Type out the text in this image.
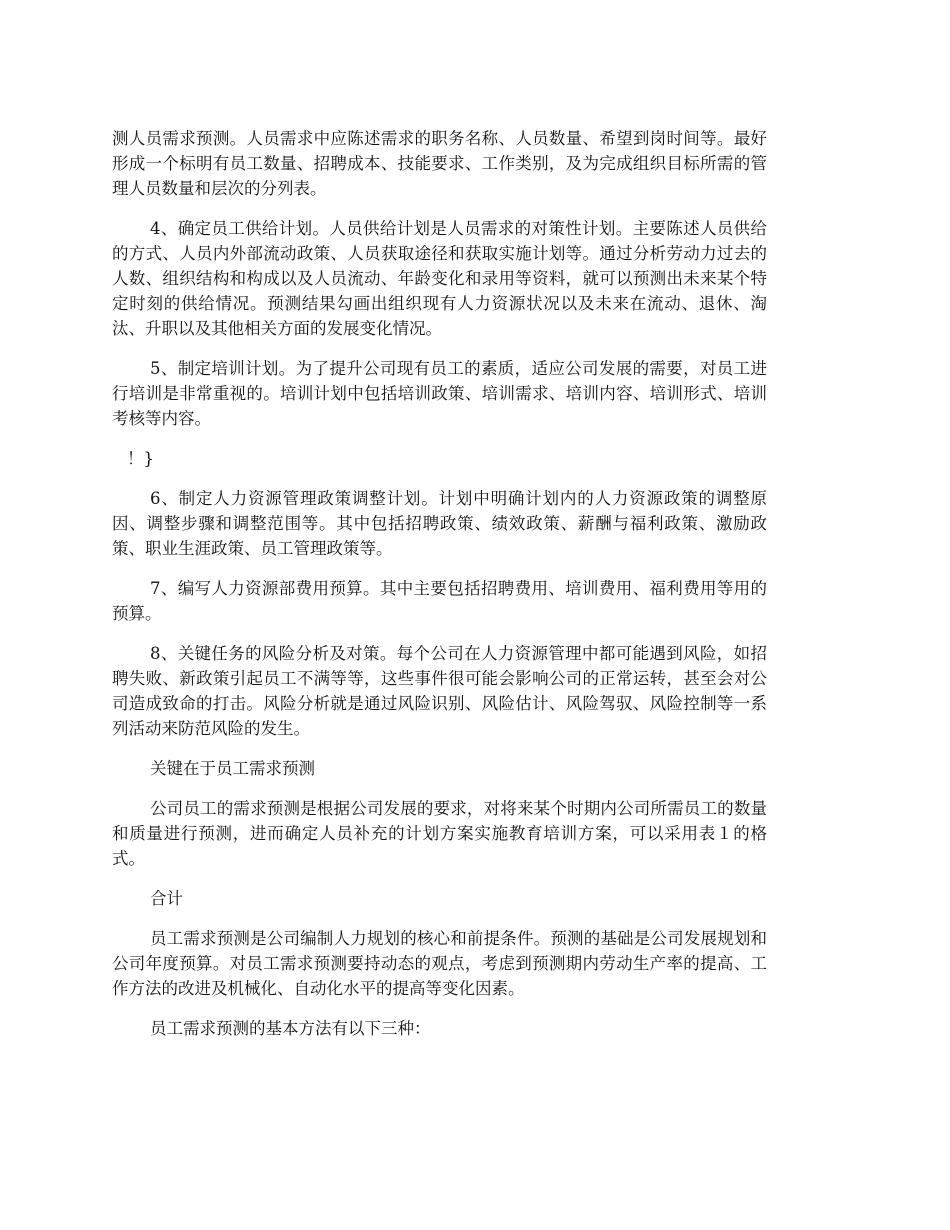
测人员需求预测。人员需求中应陈述需求的职务名称、人员数量、希望到岗时间等。最好形成一个标明有员工数量、招聘成本、技能要求、工作类别，及为完成组织目标所需的管理人员数量和层次的分列表。

4、确定员工供给计划。人员供给计划是人员需求的对策性计划。主要陈述人员供给的方式、人员内外部流动政策、人员获取途径和获取实施计划等。通过分析劳动力过去的人数、组织结构和构成以及人员流动、年龄变化和录用等资料，就可以预测出未来某个特定时刻的供给情况。预测结果勾画出组织现有人力资源状况以及未来在流动、退休、淘汰、升职以及其他相关方面的发展变化情况。

5、制定培训计划。为了提升公司现有员工的素质，适应公司发展的需要，对员工进行培训是非常重视的。培训计划中包括培训政策、培训需求、培训内容、培训形式、培训考核等内容。

！}

6、制定人力资源管理政策调整计划。计划中明确计划内的人力资源政策的调整原因、调整步骤和调整范围等。其中包括招聘政策、绩效政策、薪酬与福利政策、激励政策、职业生涯政策、员工管理政策等。

7、编写人力资源部费用预算。其中主要包括招聘费用、培训费用、福利费用等用的预算。

8、关键任务的风险分析及对策。每个公司在人力资源管理中都可能遇到风险，如招聘失败、新政策引起员工不满等等，这些事件很可能会影响公司的正常运转，甚至会对公司造成致命的打击。风险分析就是通过风险识别、风险估计、风险驾驭、风险控制等一系列活动来防范风险的发生。

关键在于员工需求预测

公司员工的需求预测是根据公司发展的要求，对将来某个时期内公司所需员工的数量和质量进行预测，进而确定人员补充的计划方案实施教育培训方案，可以采用表１的格式。

合计

员工需求预测是公司编制人力规划的核心和前提条件。预测的基础是公司发展规划和公司年度预算。对员工需求预测要持动态的观点，考虑到预测期内劳动生产率的提高、工作方法的改进及机械化、自动化水平的提高等变化因素。

员工需求预测的基本方法有以下三种：
